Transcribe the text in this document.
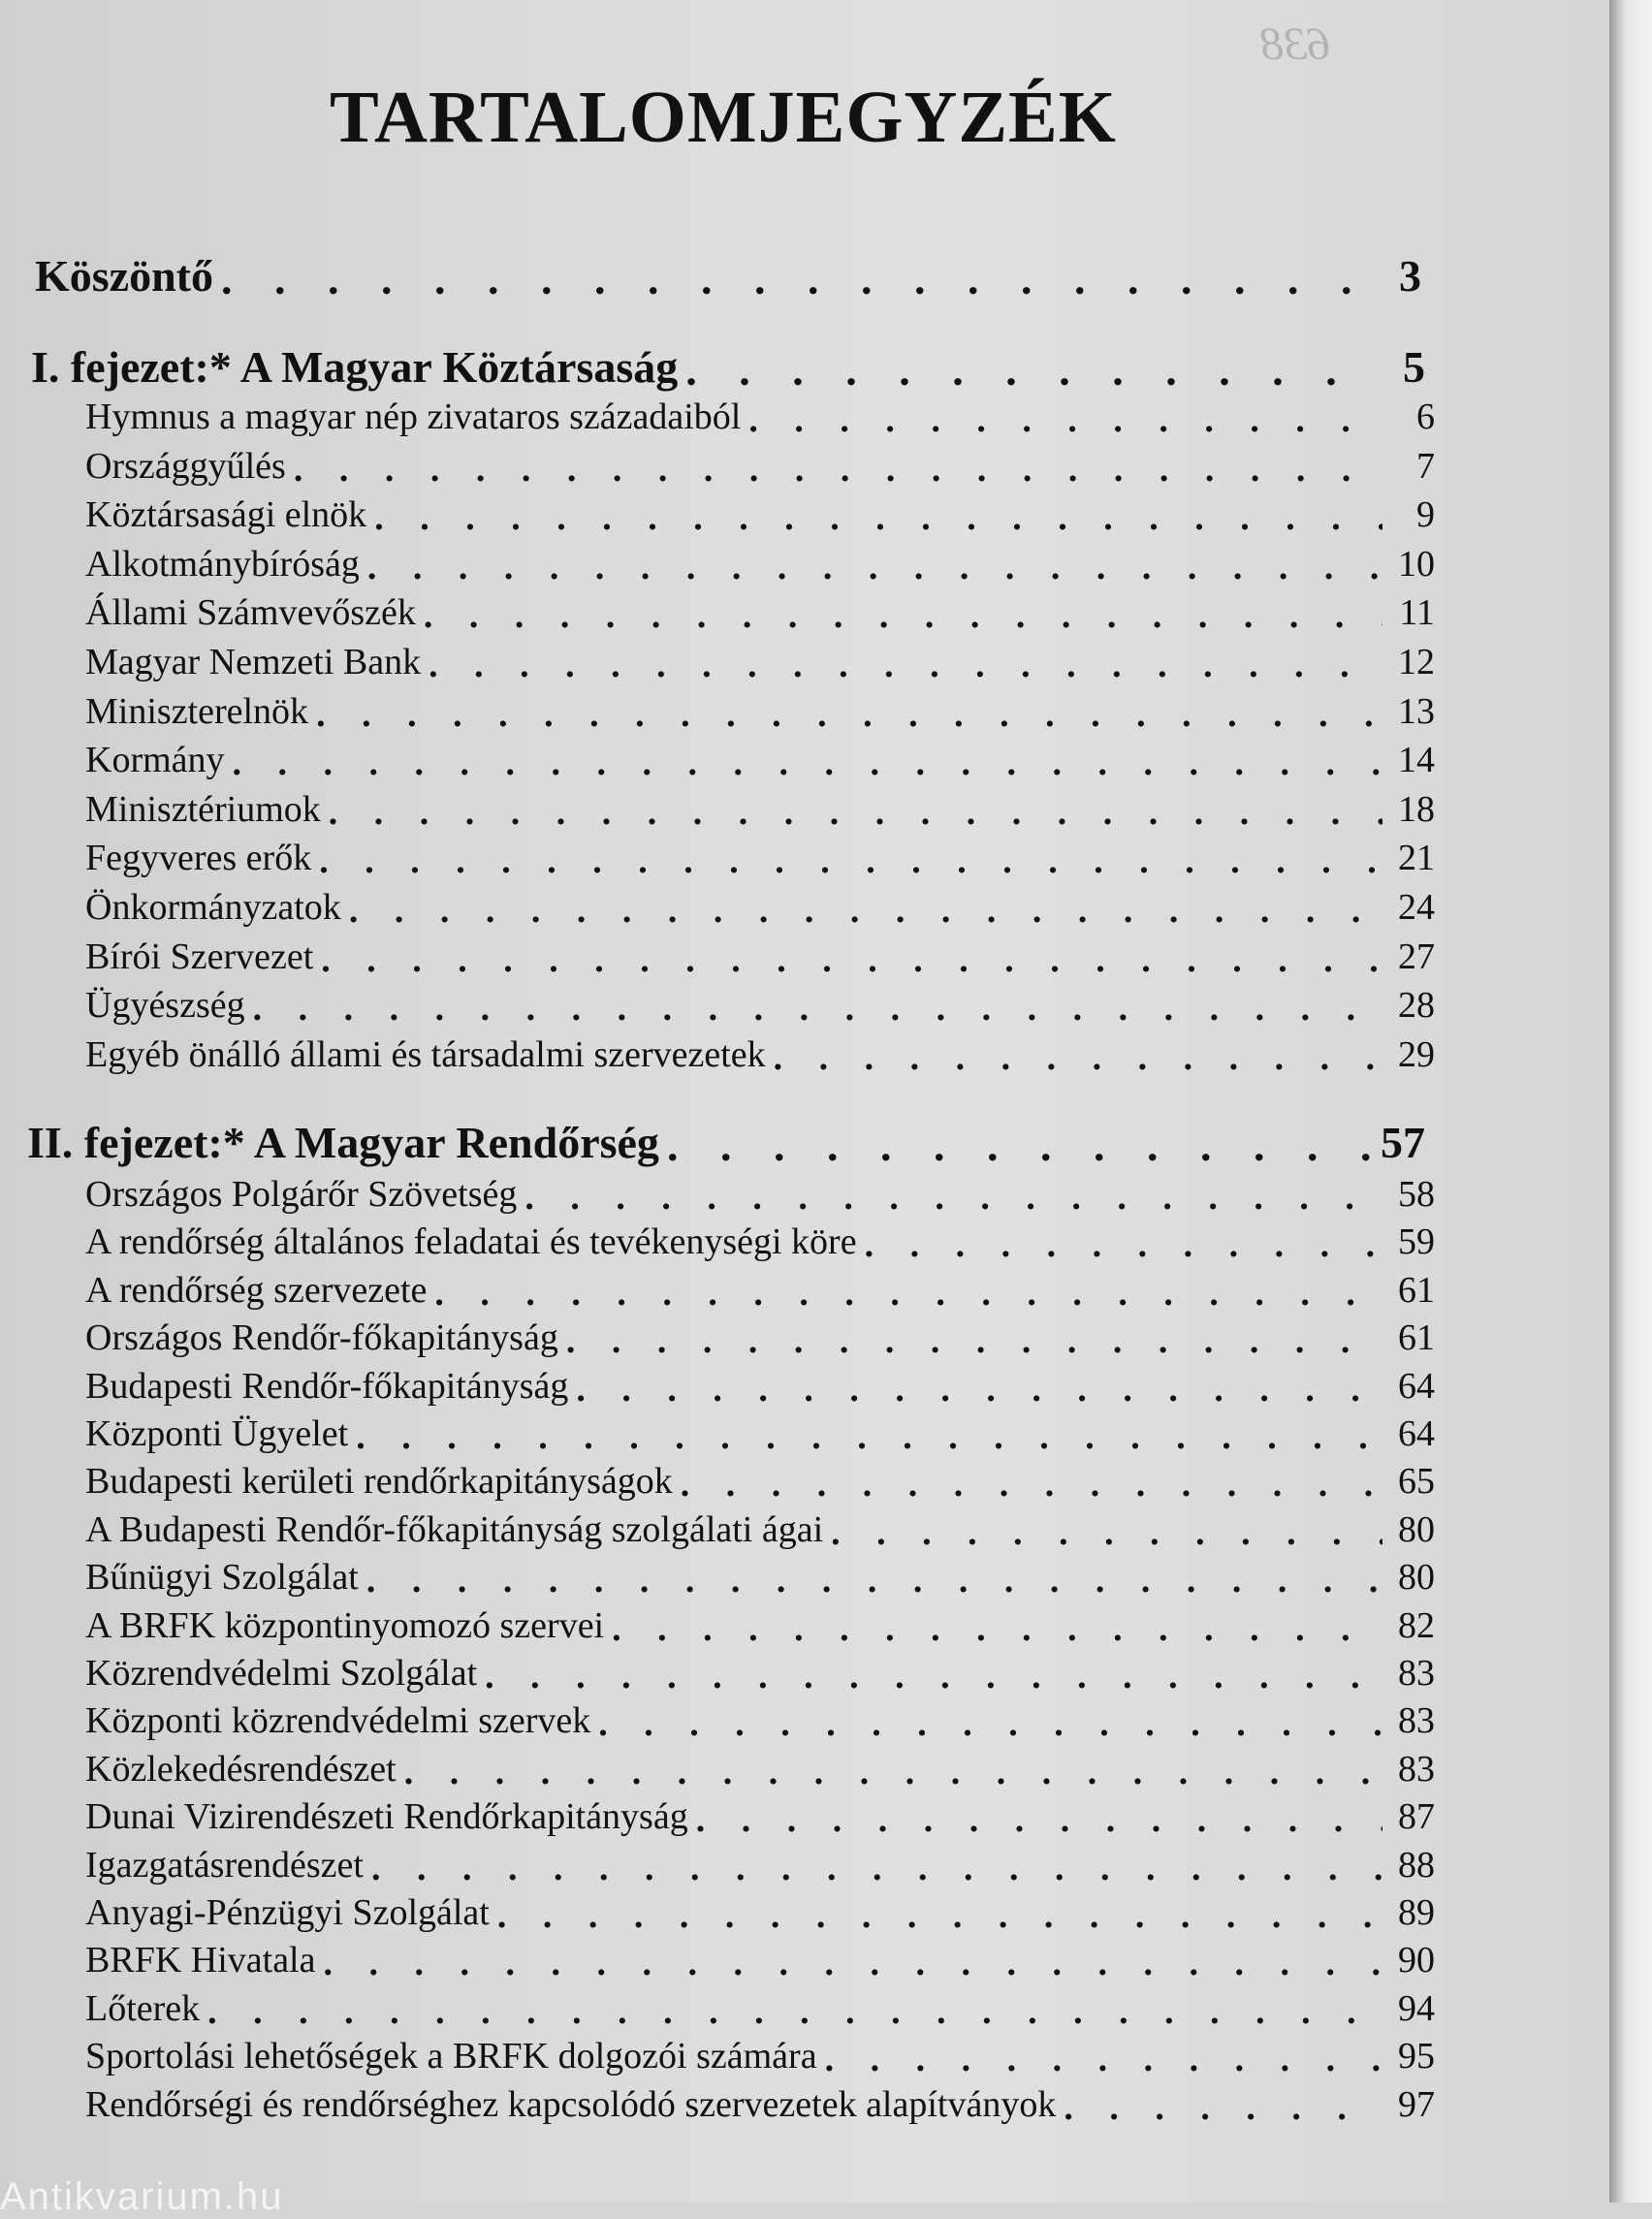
638
TARTALOMJEGYZÉK
Köszöntő . . .	3
I. fejezet:* A Magyar Köztársaság . . .	5
Hymnus a magyar nép zivataros századaiból . . .	6
Országgyűlés . . .	7
Köztársasági elnök . . .	9
Alkotmánybíróság . . .	10
Állami Számvevőszék . . .	11
Magyar Nemzeti Bank . . .	12
Miniszterelnök . . .	13
Kormány . . .	14
Minisztériumok . . .	18
Fegyveres erők . . .	21
Önkormányzatok . . .	24
Bírói Szervezet . . .	27
Ügyészség . . .	28
Egyéb önálló állami és társadalmi szervezetek . . .	29
II. fejezet:* A Magyar Rendőrség . . .	57
Országos Polgárőr Szövetség . . .	58
A rendőrség általános feladatai és tevékenységi köre . . .	59
A rendőrség szervezete . . .	61
Országos Rendőr-főkapitányság . . .	61
Budapesti Rendőr-főkapitányság . . .	64
Központi Ügyelet . . .	64
Budapesti kerületi rendőrkapitányságok . . .	65
A Budapesti Rendőr-főkapitányság szolgálati ágai . . .	80
Bűnügyi Szolgálat . . .	80
A BRFK központinyomozó szervei . . .	82
Közrendvédelmi Szolgálat . . .	83
Központi közrendvédelmi szervek . . .	83
Közlekedésrendészet . . .	83
Dunai Vizirendészeti Rendőrkapitányság . . .	87
Igazgatásrendészet . . .	88
Anyagi-Pénzügyi Szolgálat . . .	89
BRFK Hivatala . . .	90
Lőterek . . .	94
Sportolási lehetőségek a BRFK dolgozói számára . . .	95
Rendőrségi és rendőrséghez kapcsolódó szervezetek alapítványok . . .	97
Antikvarium.hu
